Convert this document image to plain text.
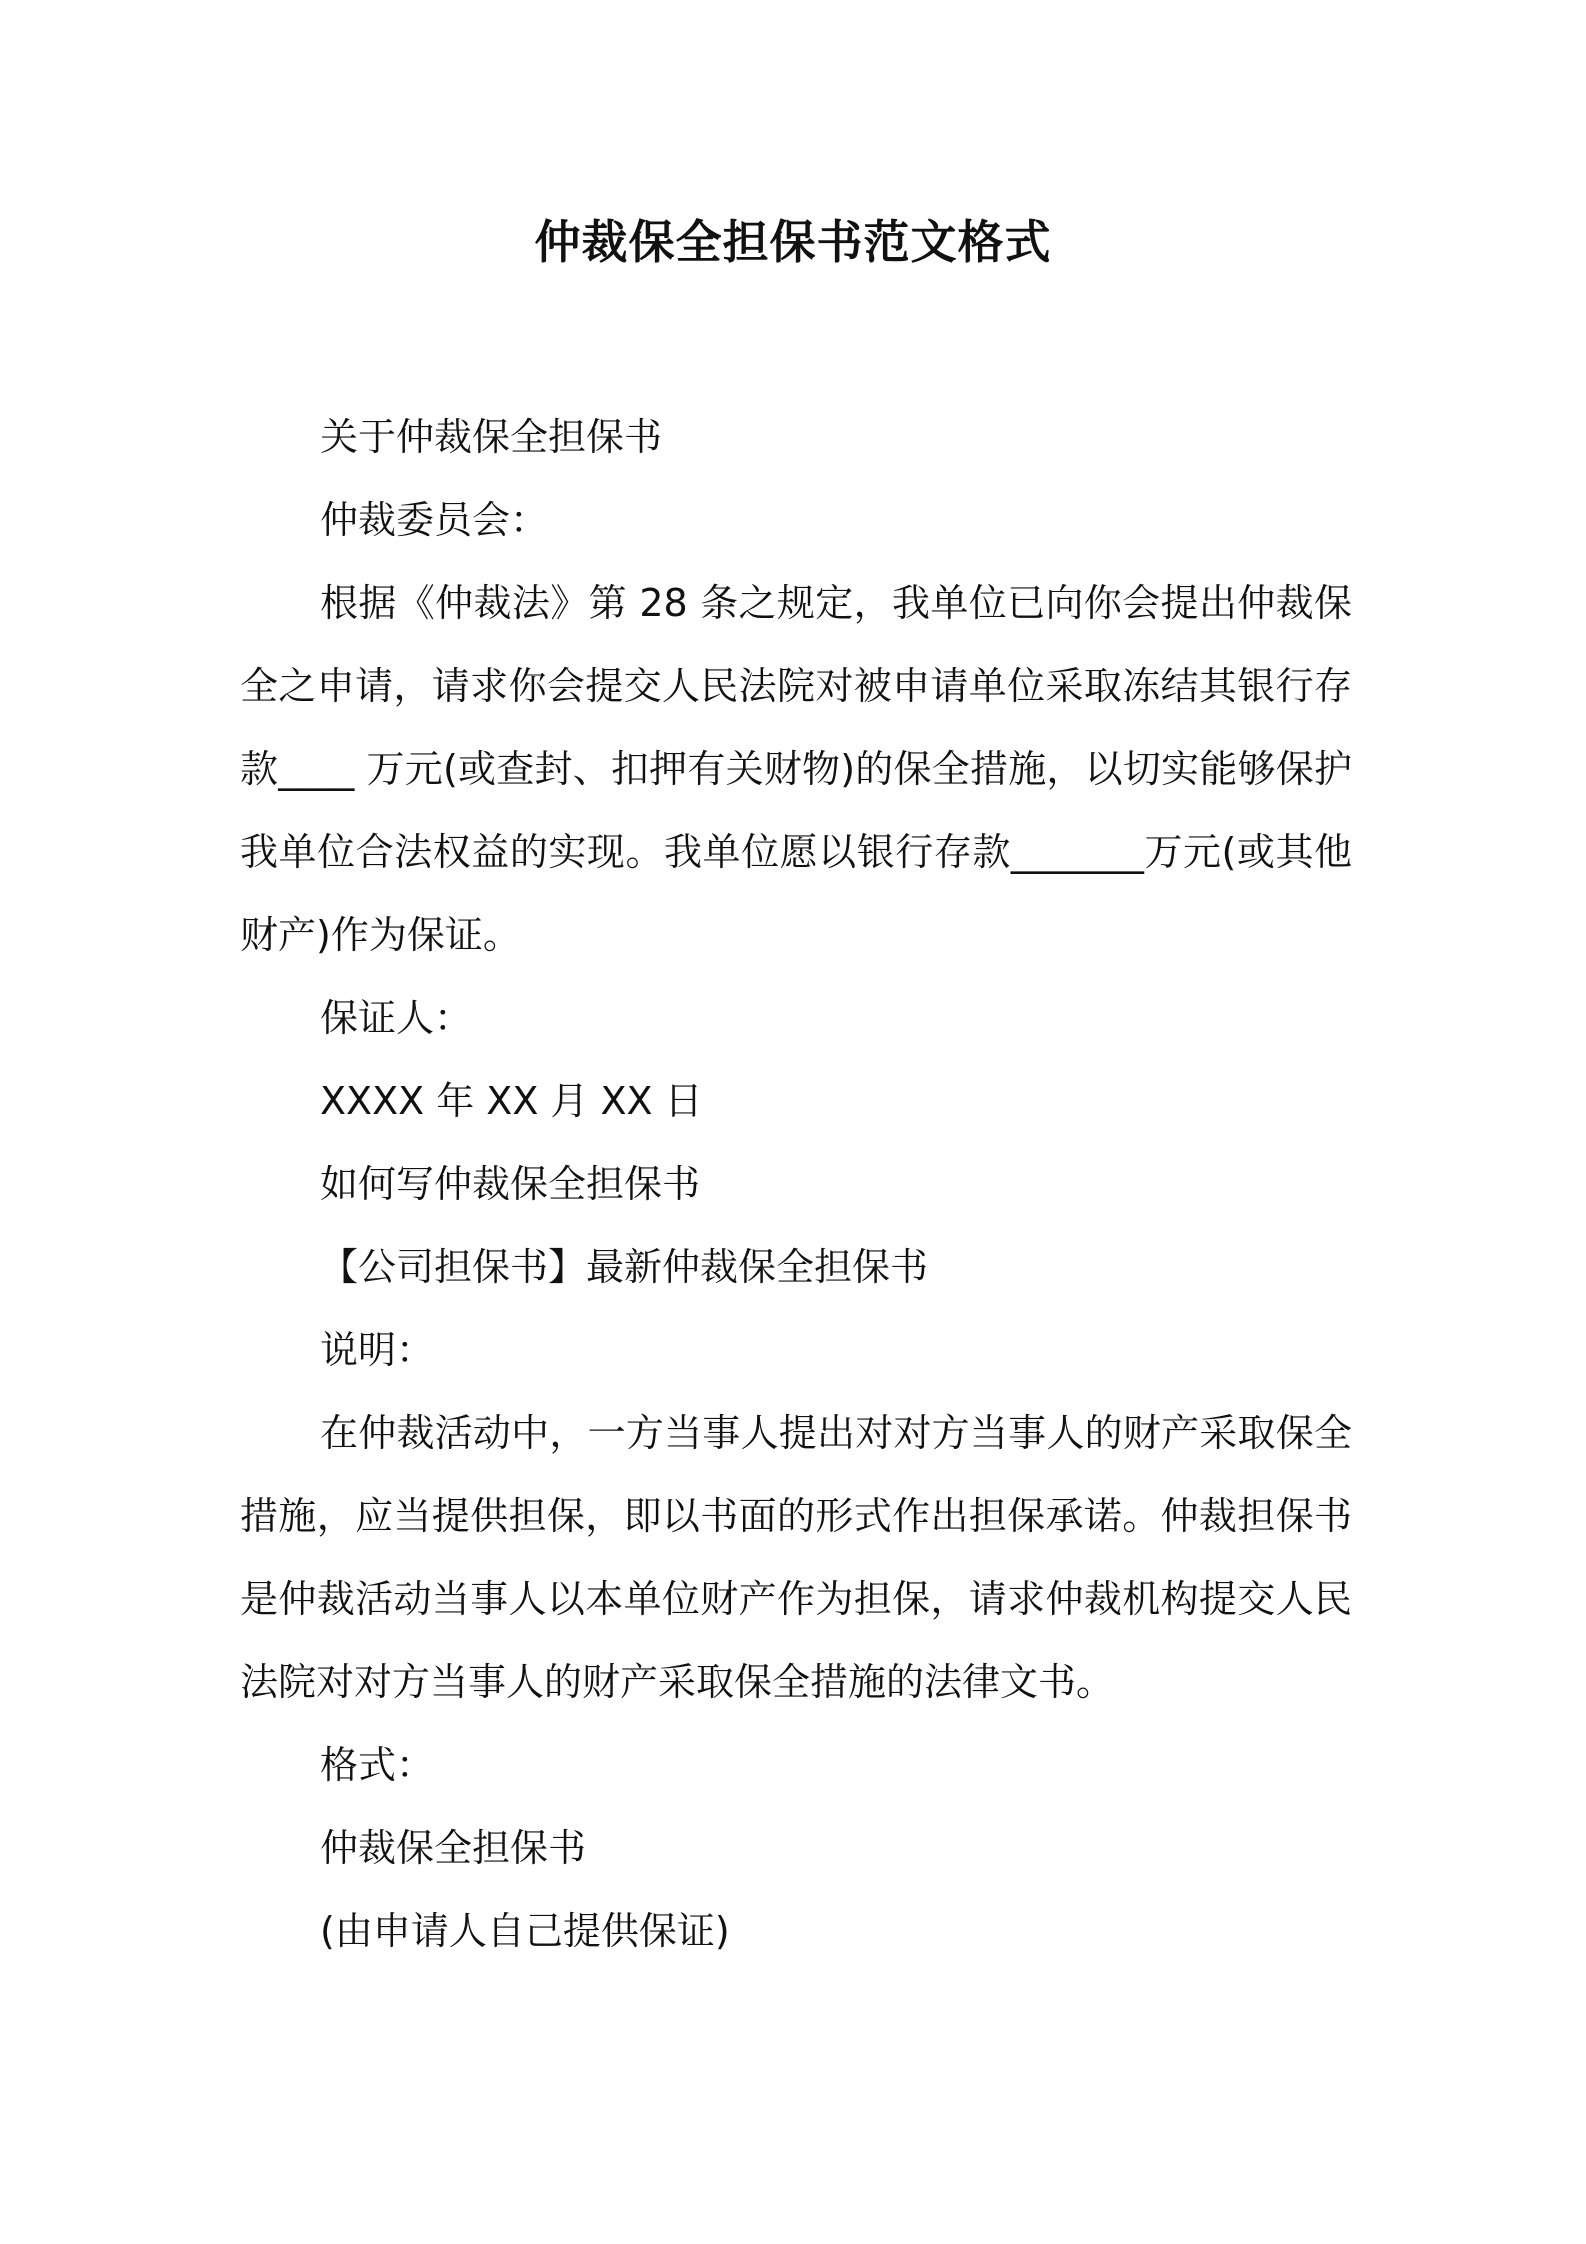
仲裁保全担保书范文格式

关于仲裁保全担保书

仲裁委员会：

根据《仲裁法》第 28 条之规定，我单位已向你会提出仲裁保全之申请，请求你会提交人民法院对被申请单位采取冻结其银行存款____ 万元(或查封、扣押有关财物)的保全措施，以切实能够保护我单位合法权益的实现。我单位愿以银行存款_______万元(或其他财产)作为保证。

保证人：

XXXX 年 XX 月 XX 日

如何写仲裁保全担保书

【公司担保书】最新仲裁保全担保书

说明：

在仲裁活动中，一方当事人提出对对方当事人的财产采取保全措施，应当提供担保，即以书面的形式作出担保承诺。仲裁担保书是仲裁活动当事人以本单位财产作为担保，请求仲裁机构提交人民法院对对方当事人的财产采取保全措施的法律文书。

格式：

仲裁保全担保书

(由申请人自己提供保证)
